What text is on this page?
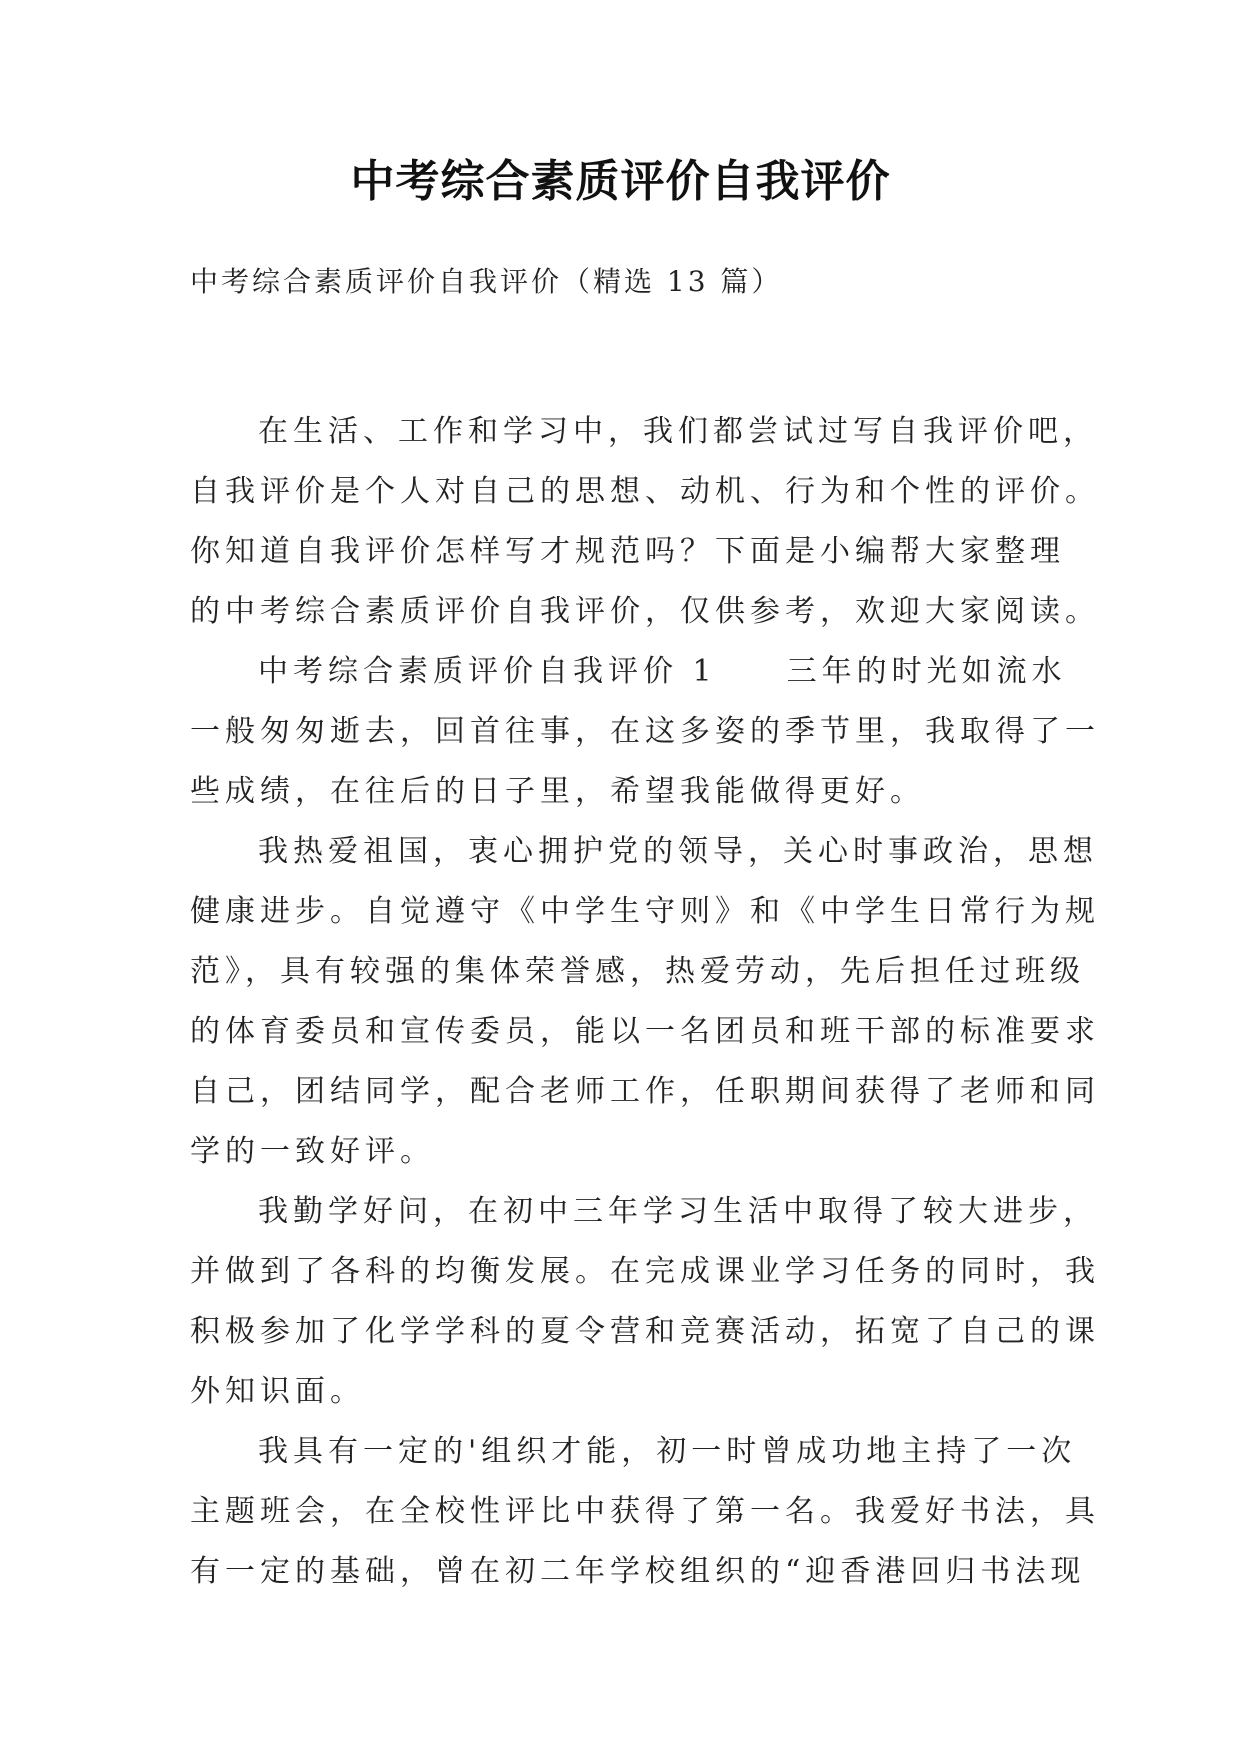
中考综合素质评价自我评价

中考综合素质评价自我评价（精选 13 篇）

在生活、工作和学习中，我们都尝试过写自我评价吧，
自我评价是个人对自己的思想、动机、行为和个性的评价。
你知道自我评价怎样写才规范吗？下面是小编帮大家整理
的中考综合素质评价自我评价，仅供参考，欢迎大家阅读。
中考综合素质评价自我评价 1　　三年的时光如流水
一般匆匆逝去，回首往事，在这多姿的季节里，我取得了一
些成绩，在往后的日子里，希望我能做得更好。
我热爱祖国，衷心拥护党的领导，关心时事政治，思想
健康进步。自觉遵守《中学生守则》和《中学生日常行为规
范》，具有较强的集体荣誉感，热爱劳动，先后担任过班级
的体育委员和宣传委员，能以一名团员和班干部的标准要求
自己，团结同学，配合老师工作，任职期间获得了老师和同
学的一致好评。
我勤学好问，在初中三年学习生活中取得了较大进步，
并做到了各科的均衡发展。在完成课业学习任务的同时，我
积极参加了化学学科的夏令营和竞赛活动，拓宽了自己的课
外知识面。
我具有一定的'组织才能，初一时曾成功地主持了一次
主题班会，在全校性评比中获得了第一名。我爱好书法，具
有一定的基础，曾在初二年学校组织的“迎香港回归书法现
